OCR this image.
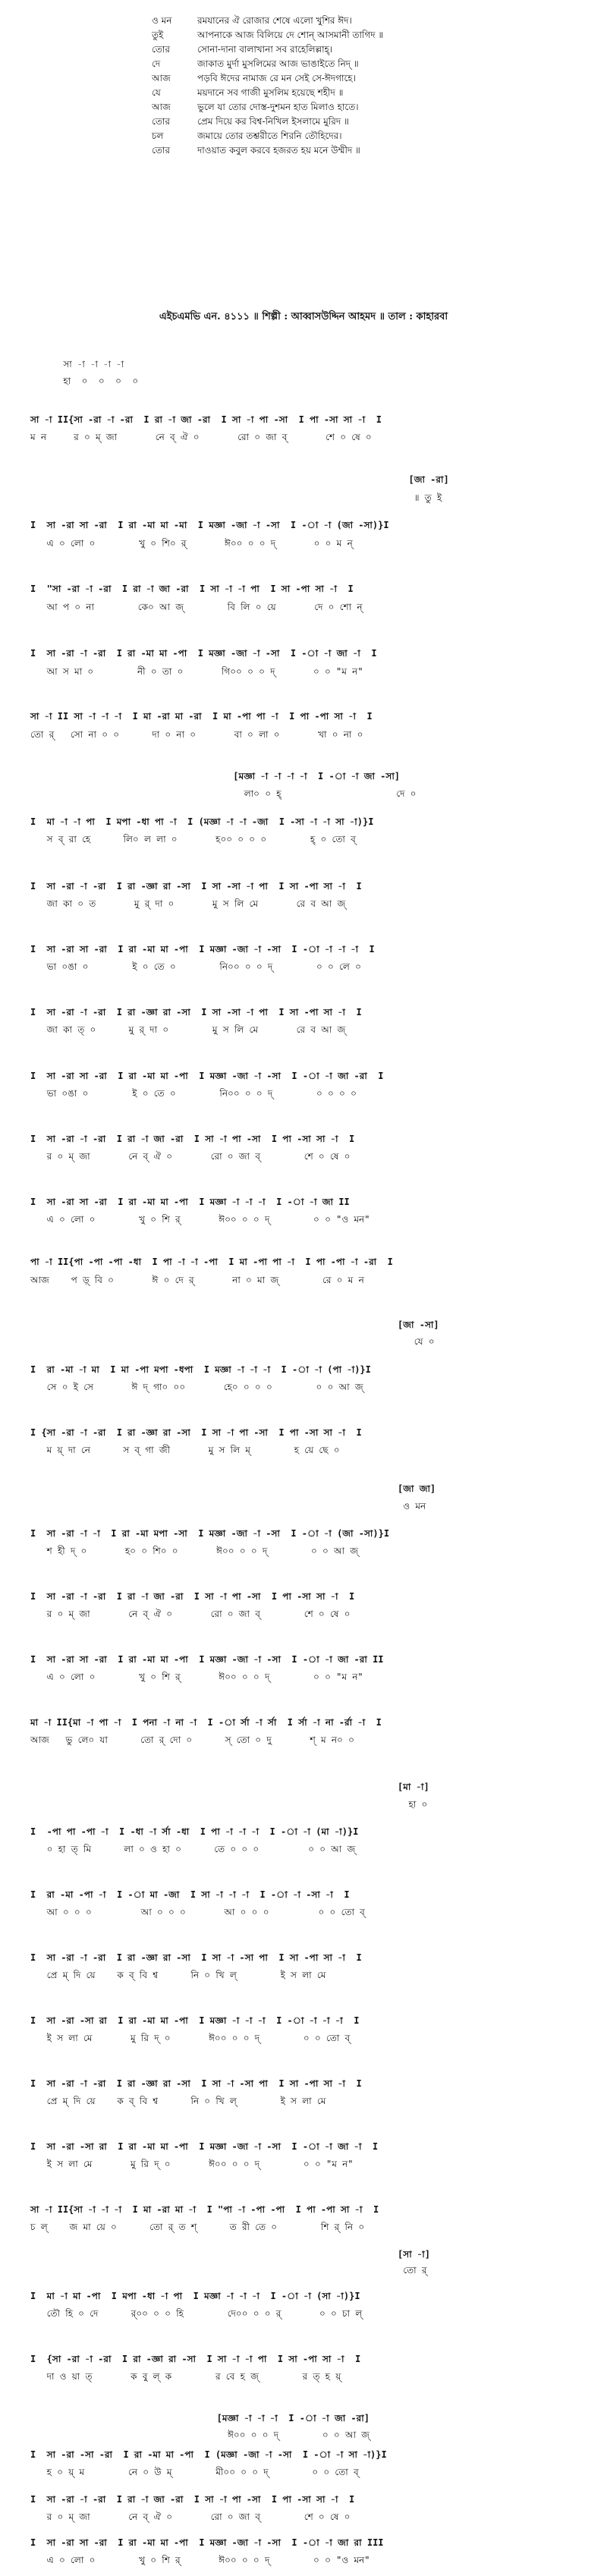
ও মন	রমযানের ঐ রোজার শেষে এলো খুশির ঈদ।
তুই	আপনাকে আজ বিলিয়ে দে শোন্ আসমানী তাগিদ ॥
তোর	সোনা-দানা বালাখানা সব রাহেলিল্লাহ্।
দে	জাকাত মুর্দা মুসলিমের আজ ভাঙাইতে নিদ্ ॥
আজ	পড়বি ঈদের নামাজ রে মন সেই সে-ঈদগাহে।
যে	ময়দানে সব গাজী মুসলিম হয়েছে শহীদ ॥
আজ	ভুলে যা তোর দোস্ত-দুশমন হাত মিলাও হাতে।
তোর	প্রেম দিয়ে কর বিশ্ব-নিখিল ইসলামে মুরিদ ॥
চল	জমায়ে তোর তশ্তরীতে শিরনি তৌহিদের।
তোর	দাওয়াত কবুল করবে হজরত হয় মনে উম্মীদ ॥
এইচএমভি এন. ৪১১১ ॥ শিল্পী : আব্বাসউদ্দিন আহমদ ॥ তাল : কাহারবা
সা -া -া -া -া
হা  ০  ০  ০  ০
সা -া II{সা -রা -া -রা  I রা -া জা -রা  I সা -া পা -সা  I পা -সা সা -া  I
ম ন     র ০ ম্ জা       নে ব্ ঐ ০       রো ০ জা ব্       শে ০ ষে ০
[জা -রা]
॥ তু ই
I  সা -রা সা -রা  I রা -মা মা -মা  I মজ্ঞা -জা -া -সা  I -া -া (জা -সা)}I
এ ০ লো ০        খু ০ শি০ র্       ঈ০০ ০ ০ দ্       ০ ০ ম ন্
I  "সা -রা -া -রা  I রা -া জা -রা  I সা -া -া পা  I সা -পা সা -া  I
আ প ০ না        কে০ আ জ্        বি লি ০ য়ে       দে ০ শো ন্
I  সা -রা -া -রা  I রা -মা মা -পা  I মজ্ঞা -জা -া -সা  I -া -া জা -া  I
আ স মা ০        নী ০ তা ০       গি০০ ০ ০ দ্       ০ ০ "ম ন"
সা -া II সা -া -া -া  I মা -রা মা -রা  I মা -পা পা -া  I পা -পা সা -া  I
তো র্   সো না ০ ০      দা ০ না ০       বা ০ লা ০       খা ০ না ০
[মজ্ঞা -া -া -া -া  I -া -া জা -সা]
লা০ ০ হ্                     দে ০
I  মা -া -া পা  I মপা -ধা পা -া  I (মজ্ঞা -া -া -জা  I -সা -া -া সা -া)}I
স ব্ রা হে      লি০ ল লা ০       হ০০ ০ ০ ০        হ্ ০ তো ব্
I  সা -রা -া -রা  I রা -জ্ঞা রা -সা  I সা -সা -া পা  I সা -পা সা -া  I
জা কা ০ ত       মু র্ দা ০       মু স লি মে       রে ব আ জ্
I  সা -রা সা -রা  I রা -মা মা -পা  I মজ্ঞা -জা -া -সা  I -া -া -া -া  I
ভা ০ঙা ০        ই ০ তে ০        নি০০ ০ ০ দ্        ০ ০ লে ০
I  সা -রা -া -রা  I রা -জ্ঞা রা -সা  I সা -সা -া পা  I সা -পা সা -া  I
জা কা ত্ ০      মু র্ দা ০        মু স লি মে       রে ব আ জ্
I  সা -রা সা -রা  I রা -মা মা -পা  I মজ্ঞা -জা -া -সা  I -া -া জা -রা  I
ভা ০ঙা ০        ই ০ তে ০        নি০০ ০ ০ দ্        ০ ০ ০ ০
I  সা -রা -া -রা  I রা -া জা -রা  I সা -া পা -সা  I পা -সা সা -া  I
র ০ ম্ জা       নে ব্ ঐ ০       রো ০ জা ব্        শে ০ ষে ০
I  সা -রা সা -রা  I রা -মা মা -পা  I মজ্ঞা -া -া -া  I -া -া জা II
এ ০ লো ০        খু ০ শি র্       ঈ০০ ০ ০ দ্        ০ ০ "ও মন"
পা -া II{পা -পা -পা -ধা  I পা -া -া -পা  I মা -পা পা -া  I পা -পা -া -রা  I
আজ    প ড়্ বি ০       ঈ ০ দে র্       না ০ মা জ্        রে ০ ম ন
[জা -সা]
যে ০
I  রা -মা -া মা  I মা -পা মপা -ধপা  I মজ্ঞা -া -া -া  I -া -া (পা -া)}I
সে ০ ই সে       ঈ দ্ গা০ ০০       হে০ ০ ০ ০        ০ ০ আ জ্
I {সা -রা -া -রা  I রা -জ্ঞা রা -সা  I সা -া পা -সা  I পা -সা সা -া  I
ম য়্ দা নে      স ব্ গা জী       মু স লি ম্        হ য়ে ছে ০
[জা জা]
ও মন
I  সা -রা -া -া  I রা -মা মপা -সা  I মজ্ঞা -জা -া -সা  I -া -া (জা -সা)}I
শ হী দ্ ০       হ০ ০ শি০ ০       ঈ০০ ০ ০ দ্        ০ ০ আ জ্
I  সা -রা -া -রা  I রা -া জা -রা  I সা -া পা -সা  I পা -সা সা -া  I
র ০ ম্ জা       নে ব্ ঐ ০       রো ০ জা ব্        শে ০ ষে ০
I  সা -রা সা -রা  I রা -মা মা -পা  I মজ্ঞা -জা -া -সা  I -া -া জা -রা II
এ ০ লো ০        খু ০ শি র্       ঈ০০ ০ ০ দ্        ০ ০ "ম ন"
মা -া II{মা -া পা -া  I পনা -া না -া  I -া র্সা -া র্সা  I র্সা -া না -র্রা -া  I
আজ   ভু লে০ যা      তো র্ দো ০      স্ তো ০ দু       শ্ ম ন০ ০
[মা -া]
হা ০
I  -পা পা -পা -া  I -ধা -া র্সা -ধা  I পা -া -া -া  I -া -া (মা -া)}I
০ হা ত্ মি      লা ০ ও হা ০      তে ০ ০ ০         ০ ০ আ জ্
I  রা -মা -পা -া  I -া মা -জা  I সা -া -া -া  I -া -া -সা -া  I
আ ০ ০ ০         আ ০ ০ ০       আ ০ ০ ০         ০ ০ তো ব্
I  সা -রা -া -রা  I রা -জ্ঞা রা -সা  I সা -া -সা পা  I সা -পা সা -া  I
প্রে ম্ দি য়ে    ক ব্ বি শ্ব      নি ০ খি ল্        ই স লা মে
I  সা -রা -সা রা  I রা -মা মা -পা  I মজ্ঞা -া -া -া  I -া -া -া -া  I
ই স লা মে       মু রি দ্ ০       ঈ০০ ০ ০ দ্        ০ ০ তো ব্
I  সা -রা -া -রা  I রা -জ্ঞা রা -সা  I সা -া -সা পা  I সা -পা সা -া  I
প্রে ম্ দি য়ে    ক ব্ বি শ্ব      নি ০ খি ল্        ই স লা মে
I  সা -রা -সা রা  I রা -মা মা -পা  I মজ্ঞা -জা -া -সা  I -া -া জা -া  I
ই স লা মে       মু রি দ্ ০       ঈ০০ ০ ০ দ্        ০ ০ "ম ন"
সা -া II{সা -া -া -া  I মা -রা মা -া  I "পা -া -পা -পা  I পা -পা সা -া  I
চ ল্    জ মা য়ে ০      তো র্ ত শ্      ত রী তে ০        শি র্ নি ০
[সা -া]
তো র্
I  মা -া মা -পা  I মপা -ধা -া পা  I মজ্ঞা -া -া -া  I -া -া (সা -া)}I
তৌ হি ০ দে      র্০০ ০ ০ হি        দে০০ ০ ০ র্       ০ ০ চা ল্
I  {সা -রা -া -রা  I রা -জ্ঞা রা -সা  I সা -া -া পা  I সা -পা সা -া  I
দা ও য়া ত্       ক বু ল্ ক        র বে হ জ্        র ত্ হ য়্
[মজ্ঞা -া -া -া  I -া -া জা -রা]
ঈ০০ ০ ০ দ্        ০ ০ আ জ্
I  সা -রা -সা -রা  I রা -মা মা -পা  I (মজ্ঞা -জা -া -সা  I -া -া সা -া)}I
হ ০ য়্ ম        নে ০ উ ম্        মী০০ ০ ০ দ্        ০ ০ তো ব্
I  সা -রা -া -রা  I রা -া জা -রা  I সা -া পা -সা  I পা -সা সা -া  I
র ০ ম্ জা       নে ব্ ঐ ০       রো ০ জা ব্        শে ০ ষে ০
I  সা -রা সা -রা  I রা -মা মা -পা  I মজ্ঞা -জা -া -সা  I -া -া জা রা III
এ ০ লো ০        খু ০ শি র্       ঈ০০ ০ ০ দ্        ০ ০ "ও মন"
